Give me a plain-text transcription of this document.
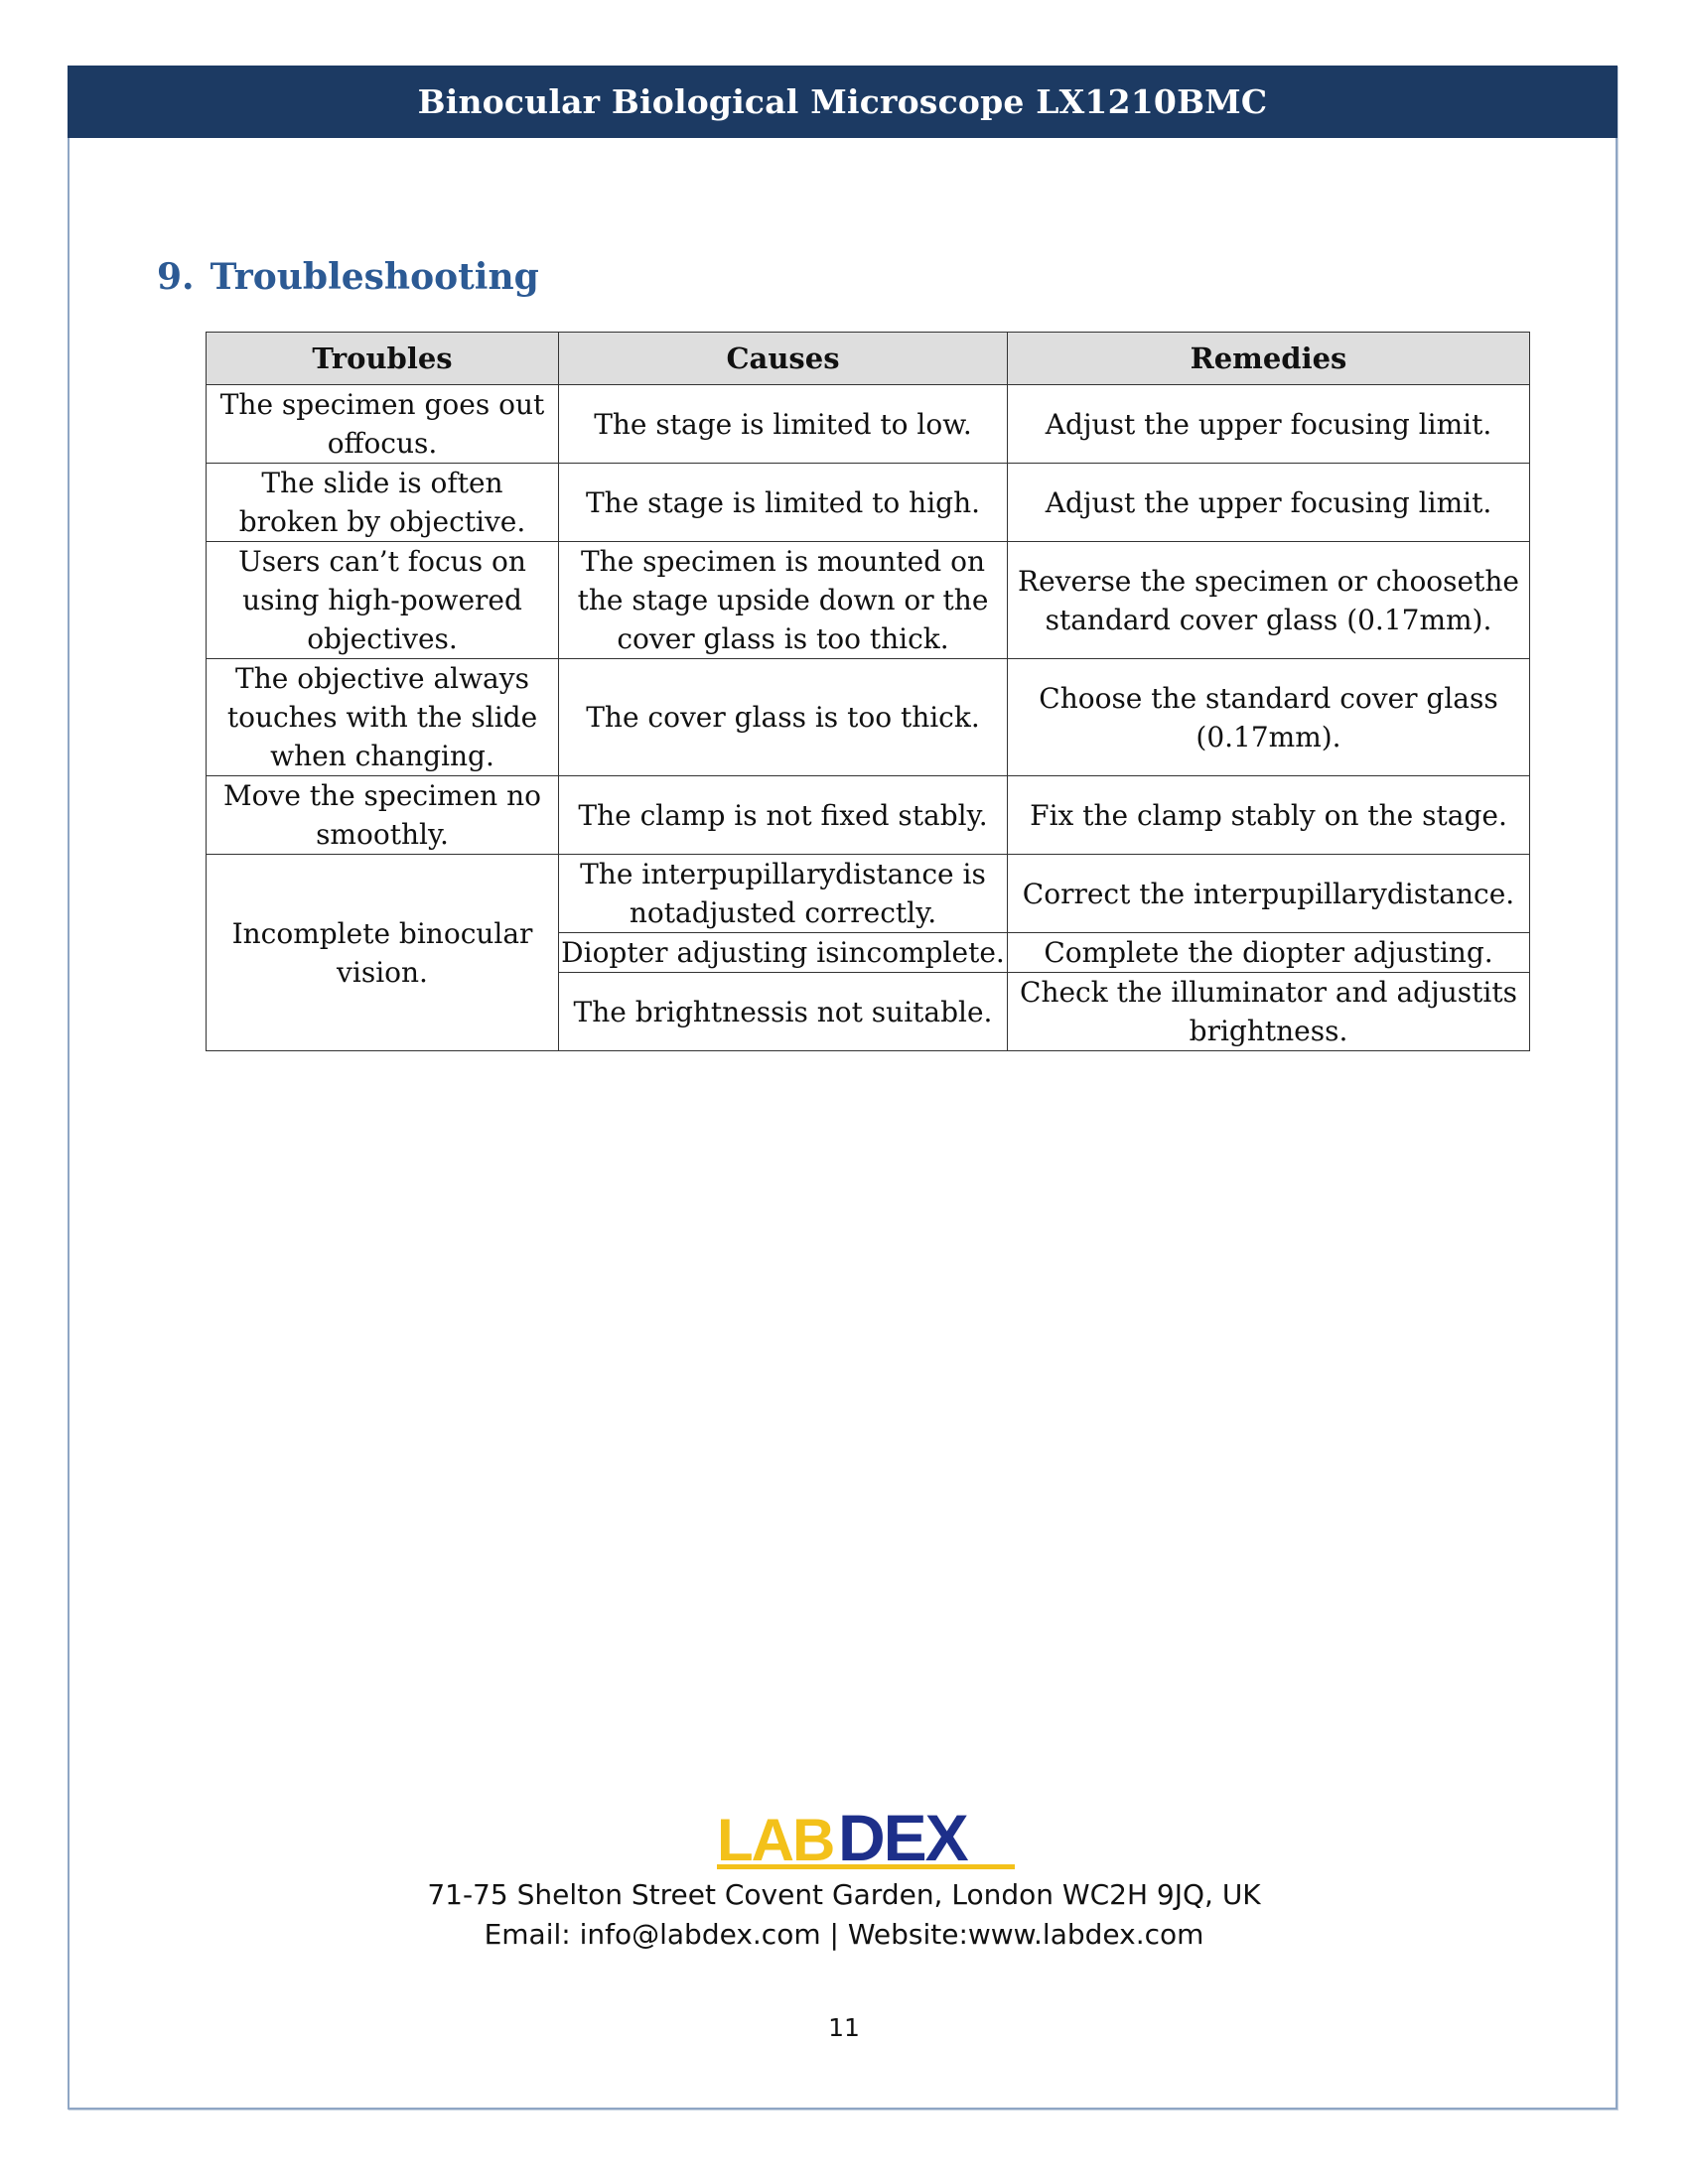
Binocular Biological Microscope LX1210BMC
9. Troubleshooting
Troubles	Causes	Remedies
The specimen goes out offocus.	The stage is limited to low.	Adjust the upper focusing limit.
The slide is often broken by objective.	The stage is limited to high.	Adjust the upper focusing limit.
Users can’t focus on using high-powered objectives.	The specimen is mounted on the stage upside down or the cover glass is too thick.	Reverse the specimen or choosethe standard cover glass (0.17mm).
The objective always touches with the slide when changing.	The cover glass is too thick.	Choose the standard cover glass (0.17mm).
Move the specimen no smoothly.	The clamp is not fixed stably.	Fix the clamp stably on the stage.
Incomplete binocular vision.	The interpupillarydistance is notadjusted correctly.	Correct the interpupillarydistance.
	Diopter adjusting isincomplete.	Complete the diopter adjusting.
	The brightnessis not suitable.	Check the illuminator and adjustits brightness.
LAB DEX
71-75 Shelton Street Covent Garden, London WC2H 9JQ, UK
Email: info@labdex.com | Website:www.labdex.com
11
